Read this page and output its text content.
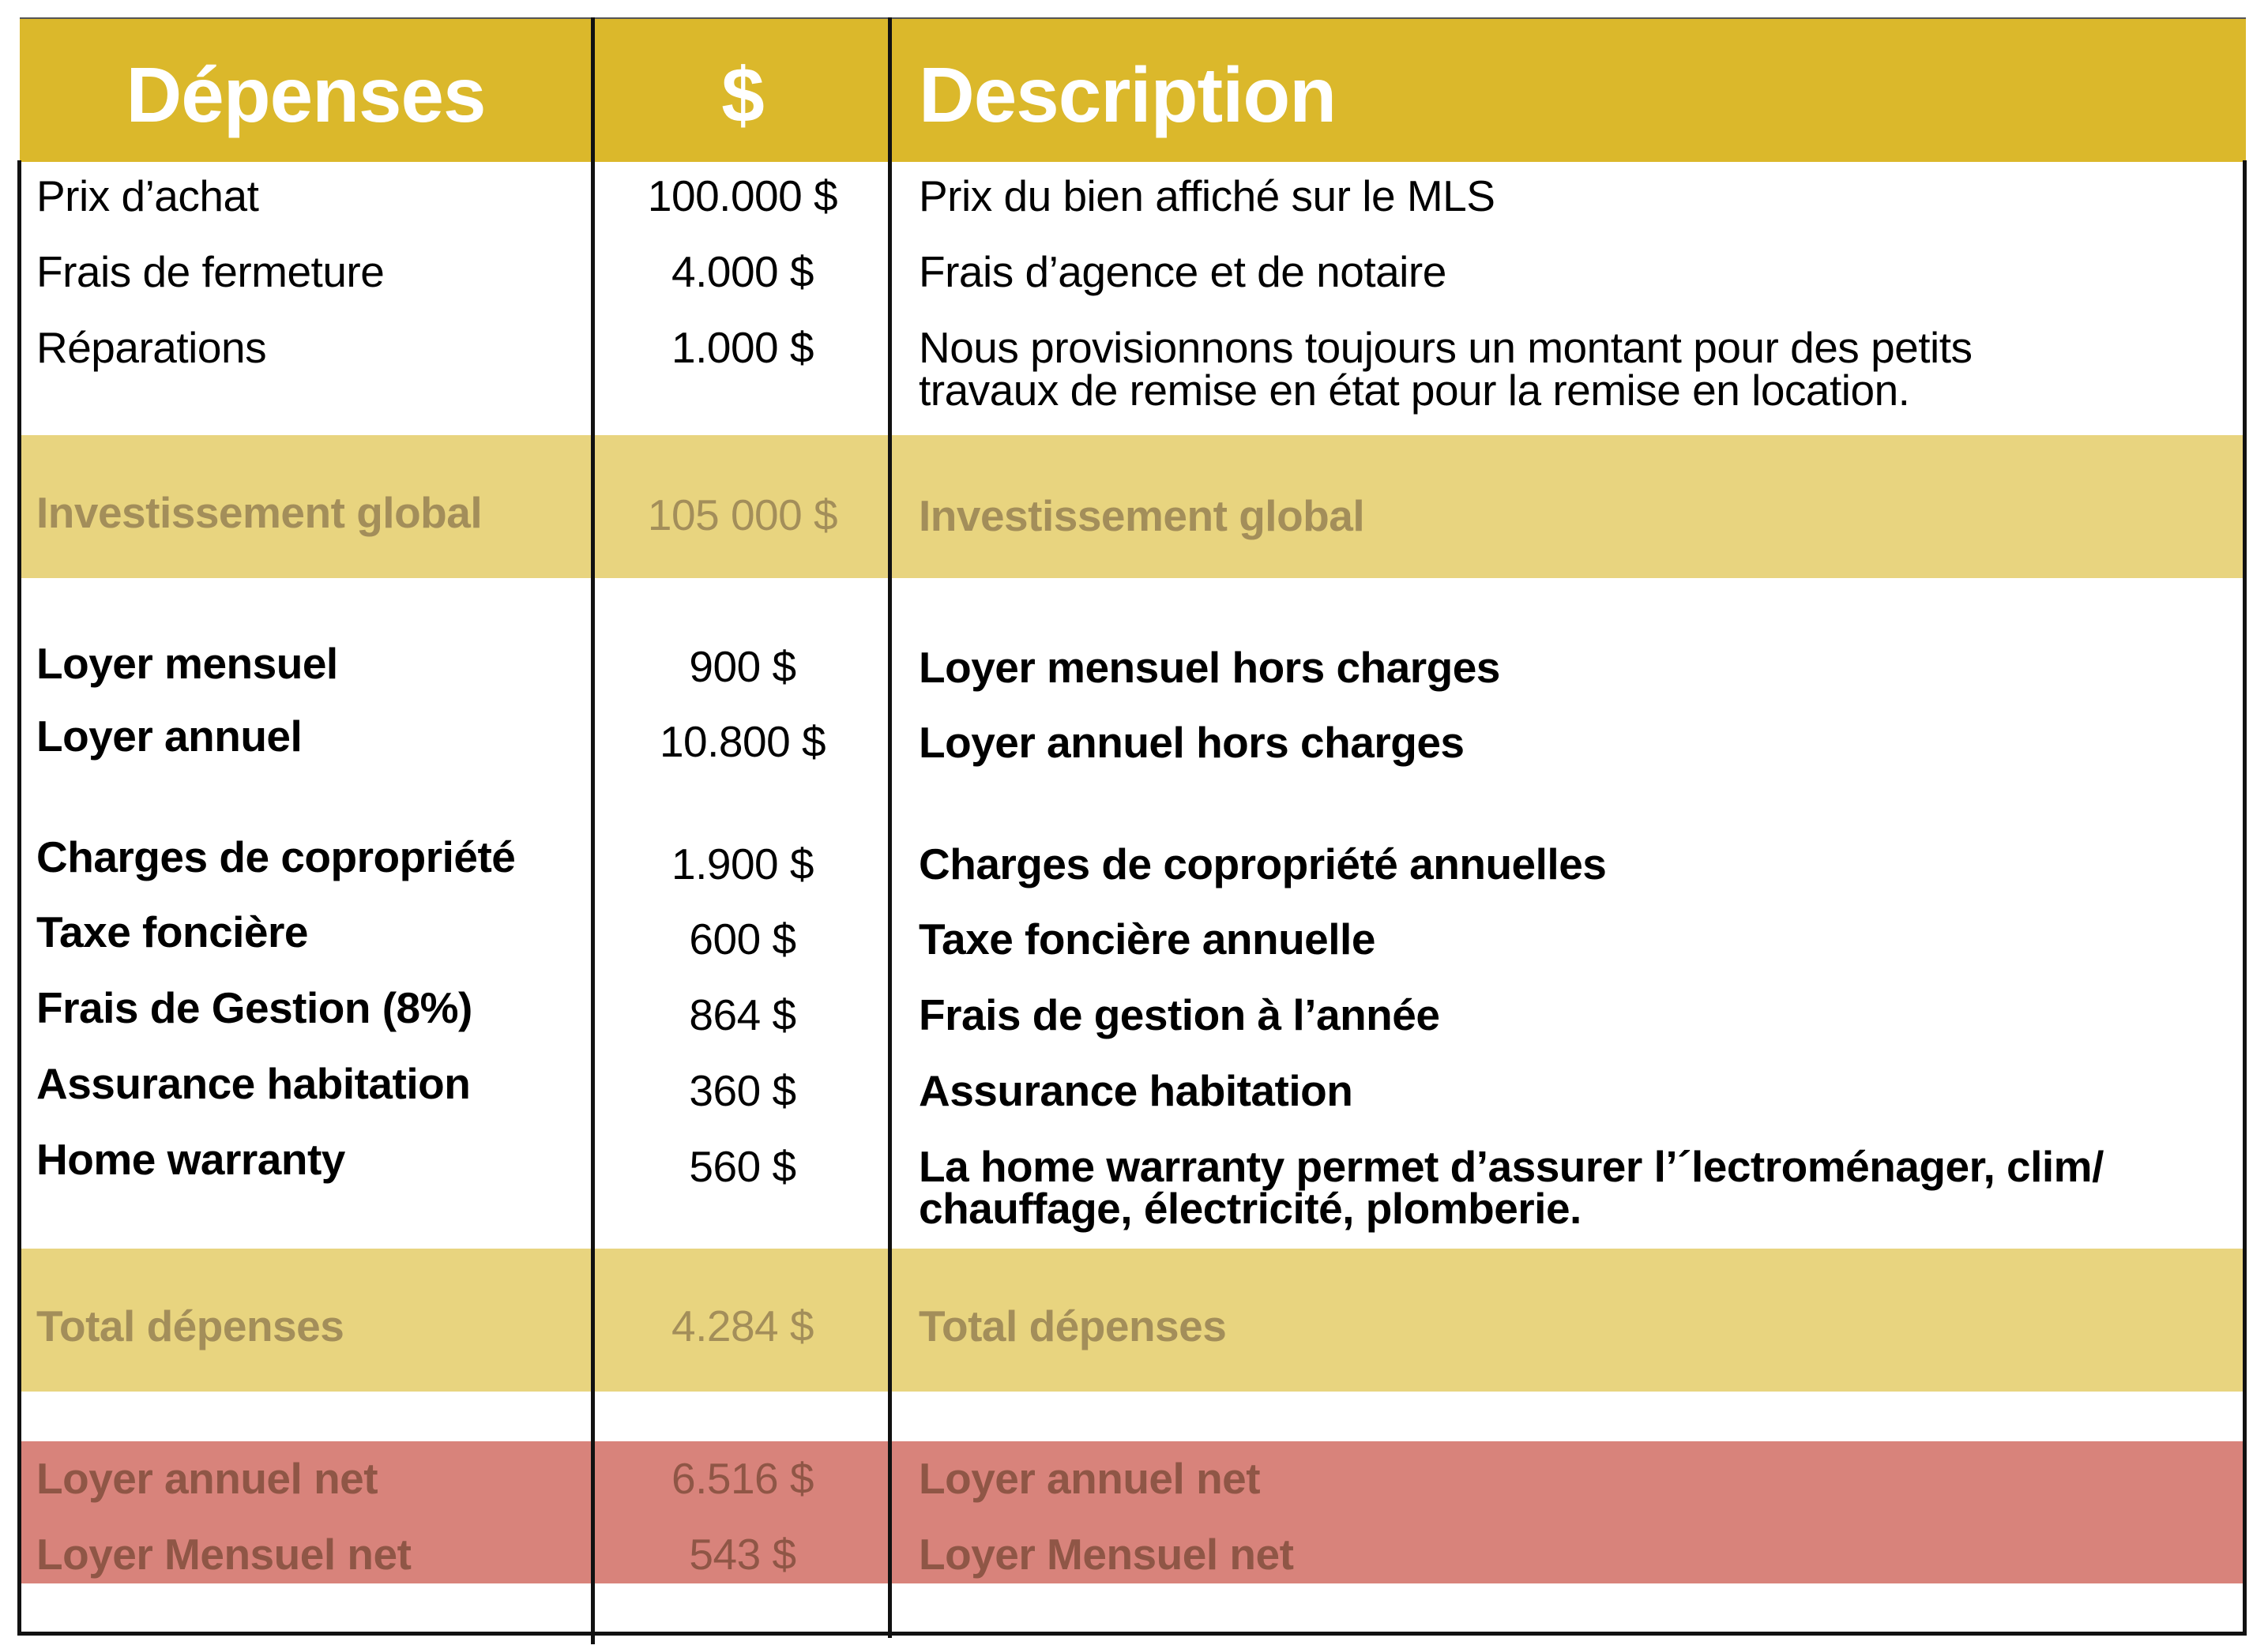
Dépenses	$	Description
Prix d’achat	100.000 $	Prix du bien affiché sur le MLS
Frais de fermeture	4.000 $	Frais d’agence et de notaire
Réparations	1.000 $	Nous provisionnons toujours un montant pour des petits
travaux de remise en état pour la remise en location.
Investissement global	105 000 $	Investissement global
Loyer mensuel	900 $	Loyer mensuel hors charges
Loyer annuel	10.800 $	Loyer annuel hors charges
Charges de copropriété	1.900 $	Charges de copropriété annuelles
Taxe foncière	600 $	Taxe foncière annuelle
Frais de Gestion (8%)	864 $	Frais de gestion à l’année
Assurance habitation	360 $	Assurance habitation
Home warranty	560 $	La home warranty permet d’assurer l’´lectroménager, clim/
chauffage, électricité, plomberie.
Total dépenses	4.284 $	Total dépenses
Loyer annuel net	6.516 $	Loyer annuel net
Loyer Mensuel net	543 $	Loyer Mensuel net
